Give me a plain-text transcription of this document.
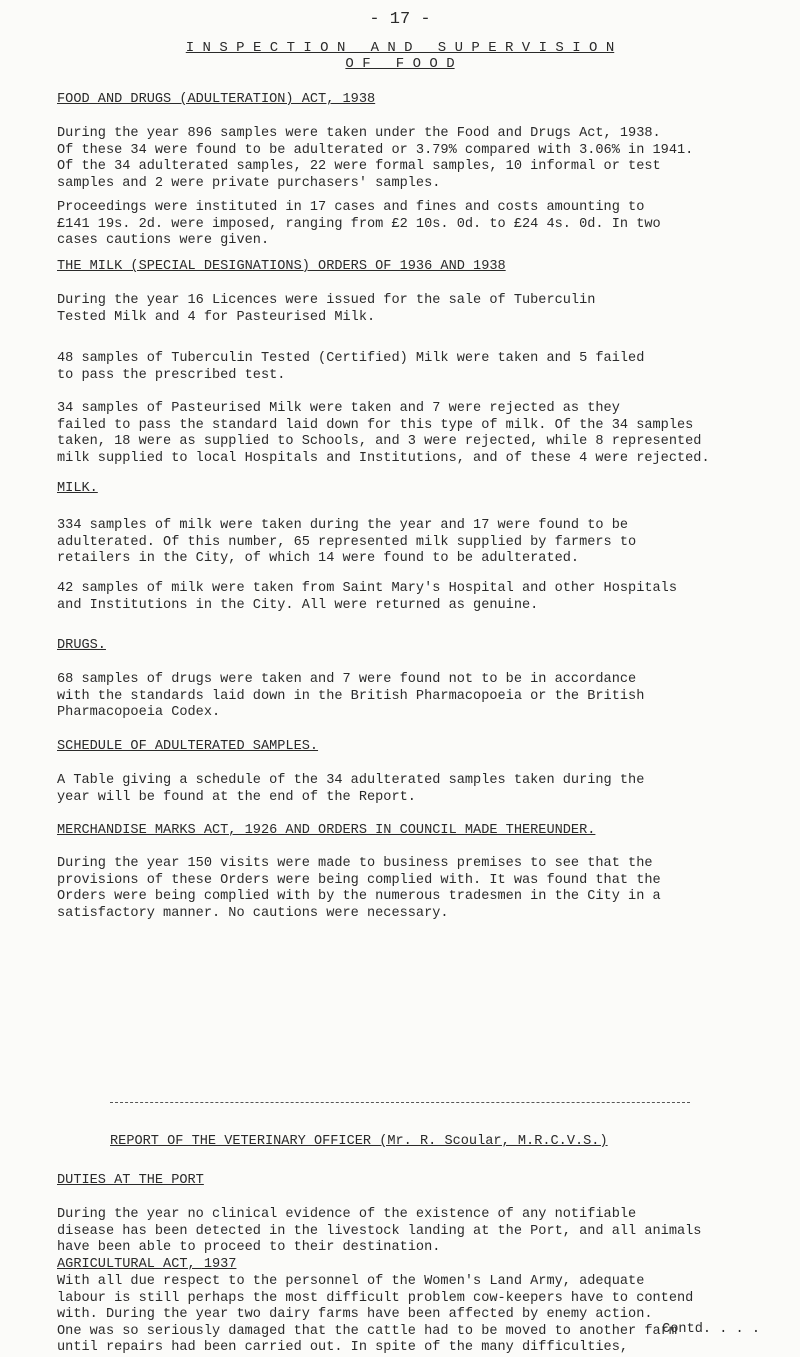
- 17 -
I N S P E C T I O N   A N D   S U P E R V I S I O N
O F   F O O D
FOOD AND DRUGS (ADULTERATION) ACT, 1938
During the year 896 samples were taken under the Food and Drugs Act, 1938.
Of these 34 were found to be adulterated or 3.79% compared with 3.06% in 1941.
Of the 34 adulterated samples, 22 were formal samples, 10 informal or test
samples and 2 were private purchasers' samples.
Proceedings were instituted in 17 cases and fines and costs amounting to
£141 19s. 2d. were imposed, ranging from £2 10s. 0d. to £24 4s. 0d. In two
cases cautions were given.
THE MILK (SPECIAL DESIGNATIONS) ORDERS OF 1936 AND 1938
During the year 16 Licences were issued for the sale of Tuberculin
Tested Milk and 4 for Pasteurised Milk.
48 samples of Tuberculin Tested (Certified) Milk were taken and 5 failed
to pass the prescribed test.
34 samples of Pasteurised Milk were taken and 7 were rejected as they
failed to pass the standard laid down for this type of milk. Of the 34 samples
taken, 18 were as supplied to Schools, and 3 were rejected, while 8 represented
milk supplied to local Hospitals and Institutions, and of these 4 were rejected.
MILK.
334 samples of milk were taken during the year and 17 were found to be
adulterated. Of this number, 65 represented milk supplied by farmers to
retailers in the City, of which 14 were found to be adulterated.
42 samples of milk were taken from Saint Mary's Hospital and other Hospitals
and Institutions in the City. All were returned as genuine.
DRUGS.
68 samples of drugs were taken and 7 were found not to be in accordance
with the standards laid down in the British Pharmacopoeia or the British
Pharmacopoeia Codex.
SCHEDULE OF ADULTERATED SAMPLES.
A Table giving a schedule of the 34 adulterated samples taken during the
year will be found at the end of the Report.
MERCHANDISE MARKS ACT, 1926 AND ORDERS IN COUNCIL MADE THEREUNDER.
During the year 150 visits were made to business premises to see that the
provisions of these Orders were being complied with. It was found that the
Orders were being complied with by the numerous tradesmen in the City in a
satisfactory manner. No cautions were necessary.
REPORT OF THE VETERINARY OFFICER (Mr. R. Scoular, M.R.C.V.S.)
DUTIES AT THE PORT
During the year no clinical evidence of the existence of any notifiable
disease has been detected in the livestock landing at the Port, and all animals
have been able to proceed to their destination.
AGRICULTURAL ACT, 1937
With all due respect to the personnel of the Women's Land Army, adequate
labour is still perhaps the most difficult problem cow-keepers have to contend
with. During the year two dairy farms have been affected by enemy action.
One was so seriously damaged that the cattle had to be moved to another farm
until repairs had been carried out. In spite of the many difficulties,
Contd. . . .
